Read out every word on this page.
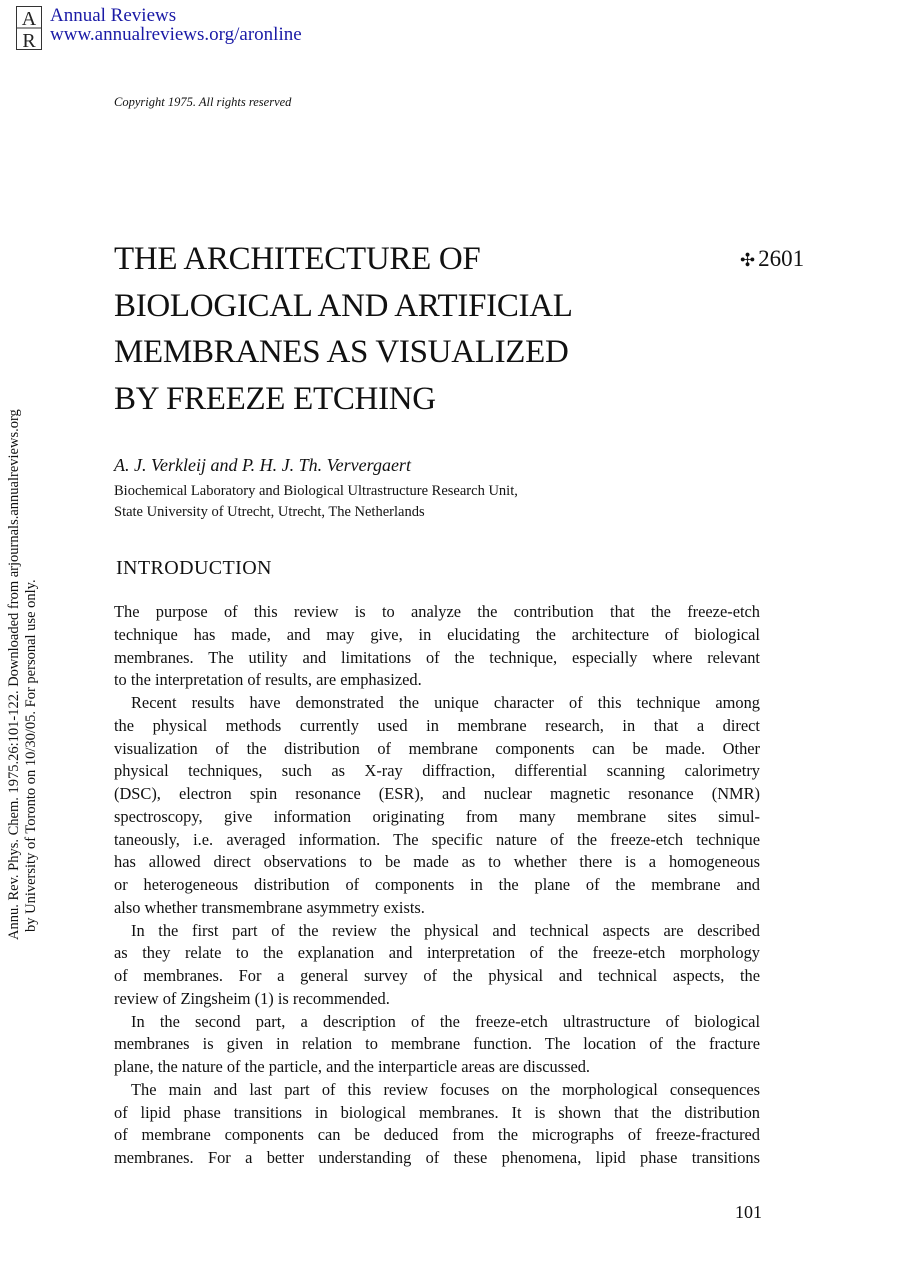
A
R
Annual Reviews
www.annualreviews.org/aronline
Copyright 1975. All rights reserved
THE ARCHITECTURE OF
BIOLOGICAL AND ARTIFICIAL
MEMBRANES AS VISUALIZED
BY FREEZE ETCHING
✣ 2601
A. J. Verkleij and P. H. J. Th. Ververgaert
Biochemical Laboratory and Biological Ultrastructure Research Unit,
State University of Utrecht, Utrecht, The Netherlands
INTRODUCTION
The purpose of this review is to analyze the contribution that the freeze-etch
technique has made, and may give, in elucidating the architecture of biological
membranes. The utility and limitations of the technique, especially where relevant
to the interpretation of results, are emphasized.
Recent results have demonstrated the unique character of this technique among
the physical methods currently used in membrane research, in that a direct
visualization of the distribution of membrane components can be made. Other
physical techniques, such as X-ray diffraction, differential scanning calorimetry
(DSC), electron spin resonance (ESR), and nuclear magnetic resonance (NMR)
spectroscopy, give information originating from many membrane sites simul-
taneously, i.e. averaged information. The specific nature of the freeze-etch technique
has allowed direct observations to be made as to whether there is a homogeneous
or heterogeneous distribution of components in the plane of the membrane and
also whether transmembrane asymmetry exists.
In the first part of the review the physical and technical aspects are described
as they relate to the explanation and interpretation of the freeze-etch morphology
of membranes. For a general survey of the physical and technical aspects, the
review of Zingsheim (1) is recommended.
In the second part, a description of the freeze-etch ultrastructure of biological
membranes is given in relation to membrane function. The location of the fracture
plane, the nature of the particle, and the interparticle areas are discussed.
The main and last part of this review focuses on the morphological consequences
of lipid phase transitions in biological membranes. It is shown that the distribution
of membrane components can be deduced from the micrographs of freeze-fractured
membranes. For a better understanding of these phenomena, lipid phase transitions
Annu. Rev. Phys. Chem. 1975.26:101-122. Downloaded from arjournals.annualreviews.org by University of Toronto on 10/30/05. For personal use only.
101
